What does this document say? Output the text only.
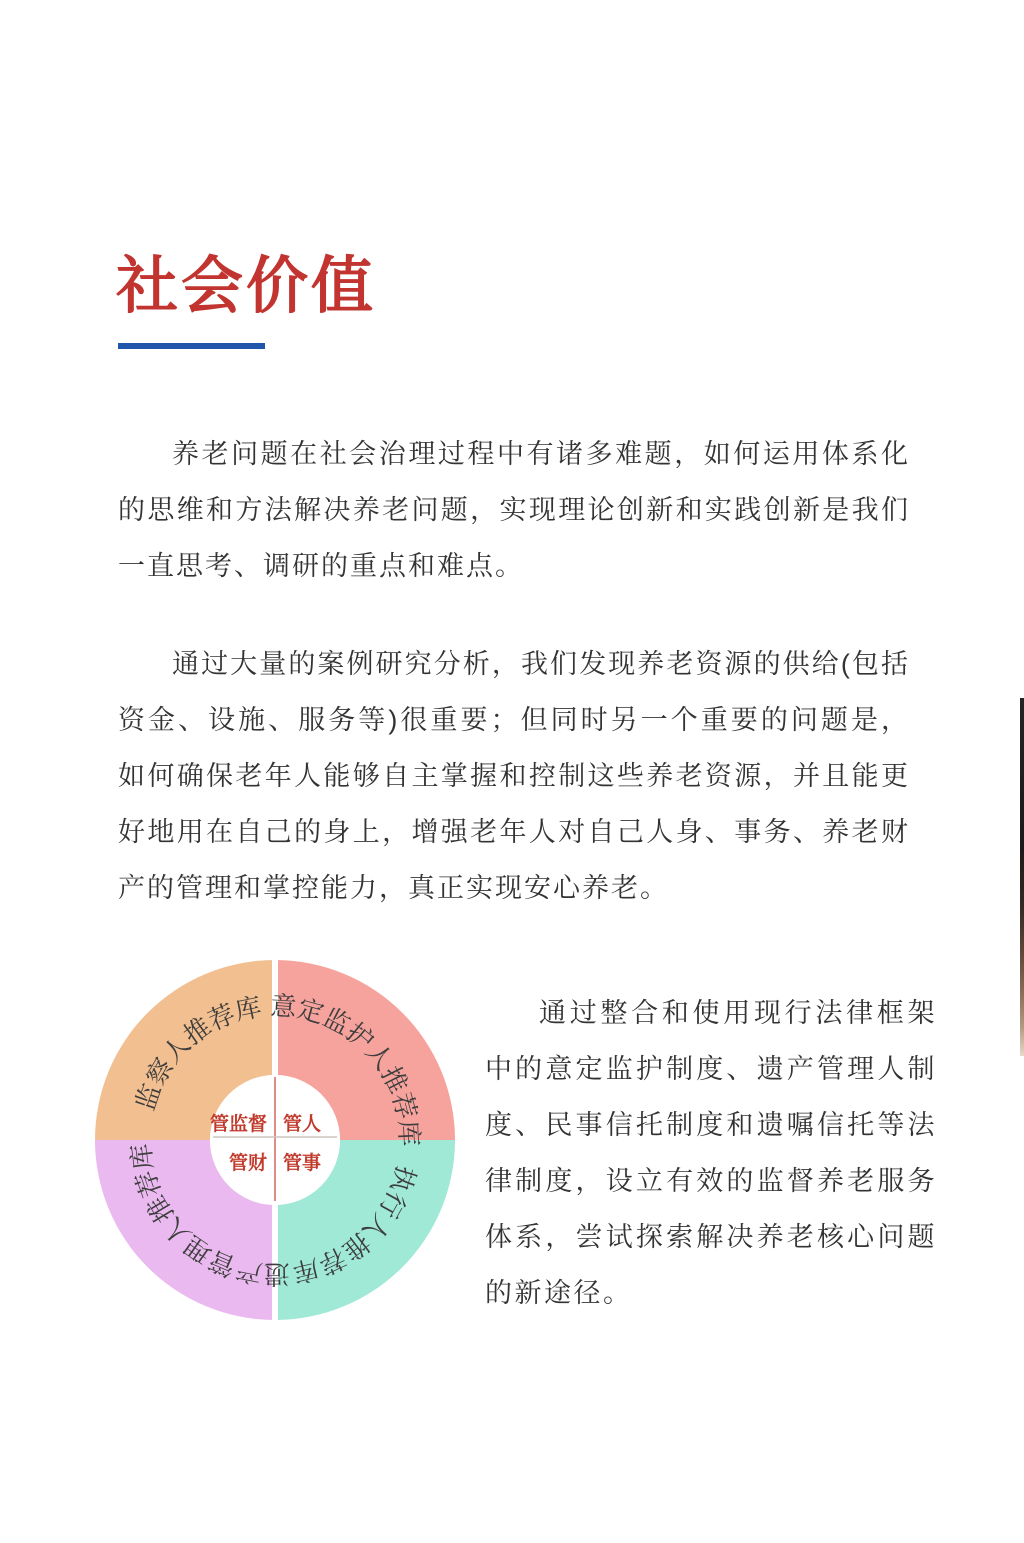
社会价值

养老问题在社会治理过程中有诸多难题，如何运用体系化的思维和方法解决养老问题，实现理论创新和实践创新是我们一直思考、调研的重点和难点。

通过大量的案例研究分析，我们发现养老资源的供给(包括资金、设施、服务等)很重要；但同时另一个重要的问题是，如何确保老年人能够自主掌握和控制这些养老资源，并且能更好地用在自己的身上，增强老年人对自己人身、事务、养老财产的管理和掌控能力，真正实现安心养老。

监察人推荐库 意定监护人推荐库
遗产管理人推荐库
执行人推荐库
管监督 管人
管财 管事

通过整合和使用现行法律框架中的意定监护制度、遗产管理人制度、民事信托制度和遗嘱信托等法律制度，设立有效的监督养老服务体系，尝试探索解决养老核心问题的新途径。
